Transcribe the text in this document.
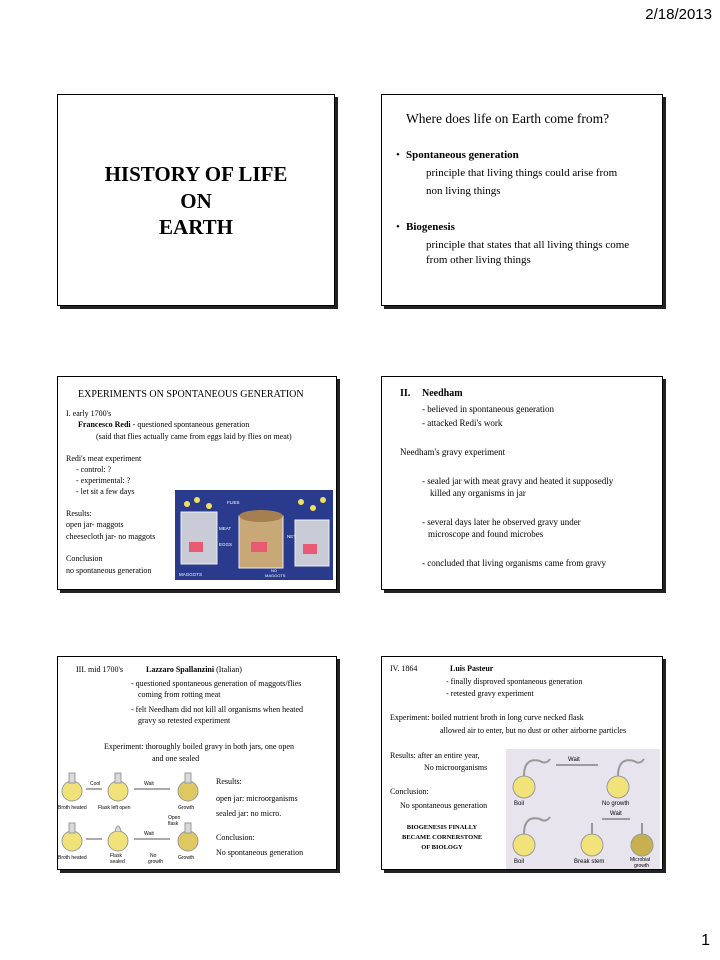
2/18/2013
HISTORY OF LIFE
ON
EARTH
Where does life on Earth come from?
• Spontaneous generation
principle that living things could arise from
non living things
• Biogenesis
principle that states that all living things come
from other living things
EXPERIMENTS ON SPONTANEOUS GENERATION
I. early 1700's
Francesco Redi - questioned spontaneous generation
(said that flies actually came from eggs laid by flies on meat)
Redi's meat experiment
- control: ?
- experimental: ?
- let sit a few days
Results:
open jar- maggots
cheesecloth jar- no maggots
Conclusion
no spontaneous generation
FLIES
MEAT
EGGS
NET
MAGGOTS
NO
MAGGOTS
II. Needham
- believed in spontaneous generation
- attacked Redi's work
Needham's gravy experiment
- sealed jar with meat gravy and heated it supposedly
killed any organisms in jar
- several days later he observed gravy under
microscope and found microbes
- concluded that living organisms came from gravy
III. mid 1700's	Lazzaro Spallanzini (Italian)
- questioned spontaneous generation of maggots/flies
coming from rotting meat
- felt Needham did not kill all organisms when heated
gravy so retested experiment
Experiment: thoroughly boiled gravy in both jars, one open
and one sealed
Results:
open jar: microorganisms
sealed jar: no micro.
Conclusion:
No spontaneous generation
Cool	Wait
Broth heated Flask left open	Growth
Open
flask
Wait
Broth heated	Flask
sealed
No
growth
Growth
IV. 1864	Luis Pasteur
- finally disproved spontaneous generation
- retested gravy experiment
Experiment: boiled nutrient broth in long curve necked flask
allowed air to enter, but no dust or other airborne particles
Results: after an entire year,
No microorganisms
Conclusion:
No spontaneous generation
BIOGENESIS FINALLY
BECAME CORNERSTONE
OF BIOLOGY
Wait
Boil	No growth
Wait
Boil	Break stem	Microbial
growth
1
